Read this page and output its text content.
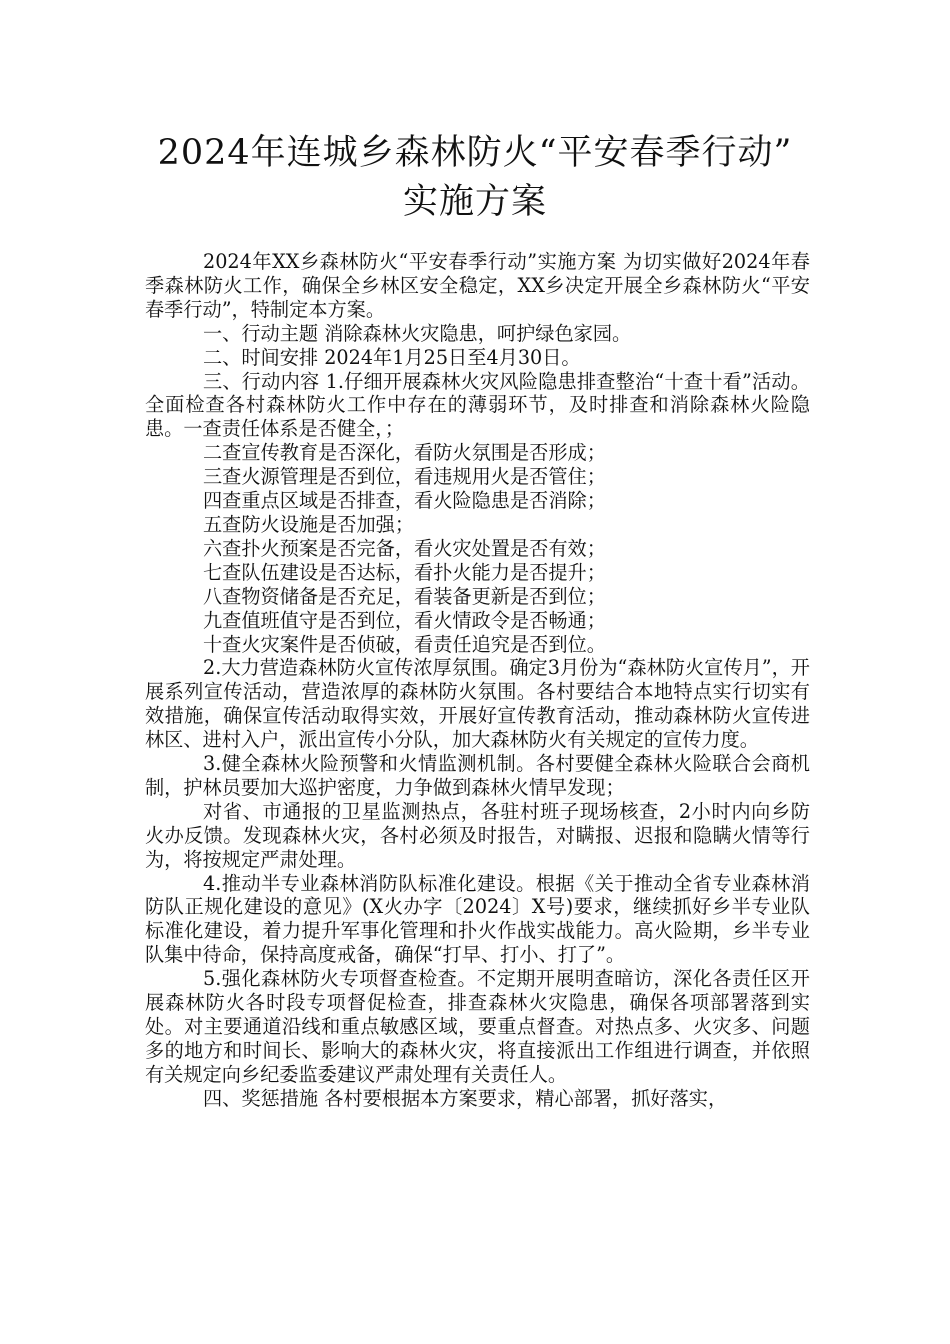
2024年连城乡森林防火“平安春季行动”
实施方案

2024年XX乡森林防火“平安春季行动”实施方案 为切实做好2024年春季森林防火工作，确保全乡林区安全稳定，XX乡决定开展全乡森林防火“平安春季行动”，特制定本方案。

一、行动主题 消除森林火灾隐患，呵护绿色家园。

二、时间安排 2024年1月25日至4月30日。

三、行动内容 1.仔细开展森林火灾风险隐患排查整治“十查十看”活动。全面检查各村森林防火工作中存在的薄弱环节，及时排查和消除森林火险隐患。一查责任体系是否健全，；

二查宣传教育是否深化，看防火氛围是否形成；

三查火源管理是否到位，看违规用火是否管住；

四查重点区域是否排查，看火险隐患是否消除；

五查防火设施是否加强；

六查扑火预案是否完备，看火灾处置是否有效；

七查队伍建设是否达标，看扑火能力是否提升；

八查物资储备是否充足，看装备更新是否到位；

九查值班值守是否到位，看火情政令是否畅通；

十查火灾案件是否侦破，看责任追究是否到位。

2.大力营造森林防火宣传浓厚氛围。确定3月份为“森林防火宣传月”，开展系列宣传活动，营造浓厚的森林防火氛围。各村要结合本地特点实行切实有效措施，确保宣传活动取得实效，开展好宣传教育活动，推动森林防火宣传进林区、进村入户，派出宣传小分队，加大森林防火有关规定的宣传力度。

3.健全森林火险预警和火情监测机制。各村要健全森林火险联合会商机制，护林员要加大巡护密度，力争做到森林火情早发现；

对省、市通报的卫星监测热点，各驻村班子现场核查，2小时内向乡防火办反馈。发现森林火灾，各村必须及时报告，对瞒报、迟报和隐瞒火情等行为，将按规定严肃处理。

4.推动半专业森林消防队标准化建设。根据《关于推动全省专业森林消防队正规化建设的意见》(X火办字〔2024〕X号)要求，继续抓好乡半专业队标准化建设，着力提升军事化管理和扑火作战实战能力。高火险期，乡半专业队集中待命，保持高度戒备，确保“打早、打小、打了”。

5.强化森林防火专项督查检查。不定期开展明查暗访，深化各责任区开展森林防火各时段专项督促检查，排查森林火灾隐患，确保各项部署落到实处。对主要通道沿线和重点敏感区域，要重点督查。对热点多、火灾多、问题多的地方和时间长、影响大的森林火灾，将直接派出工作组进行调查，并依照有关规定向乡纪委监委建议严肃处理有关责任人。

四、奖惩措施 各村要根据本方案要求，精心部署，抓好落实，
